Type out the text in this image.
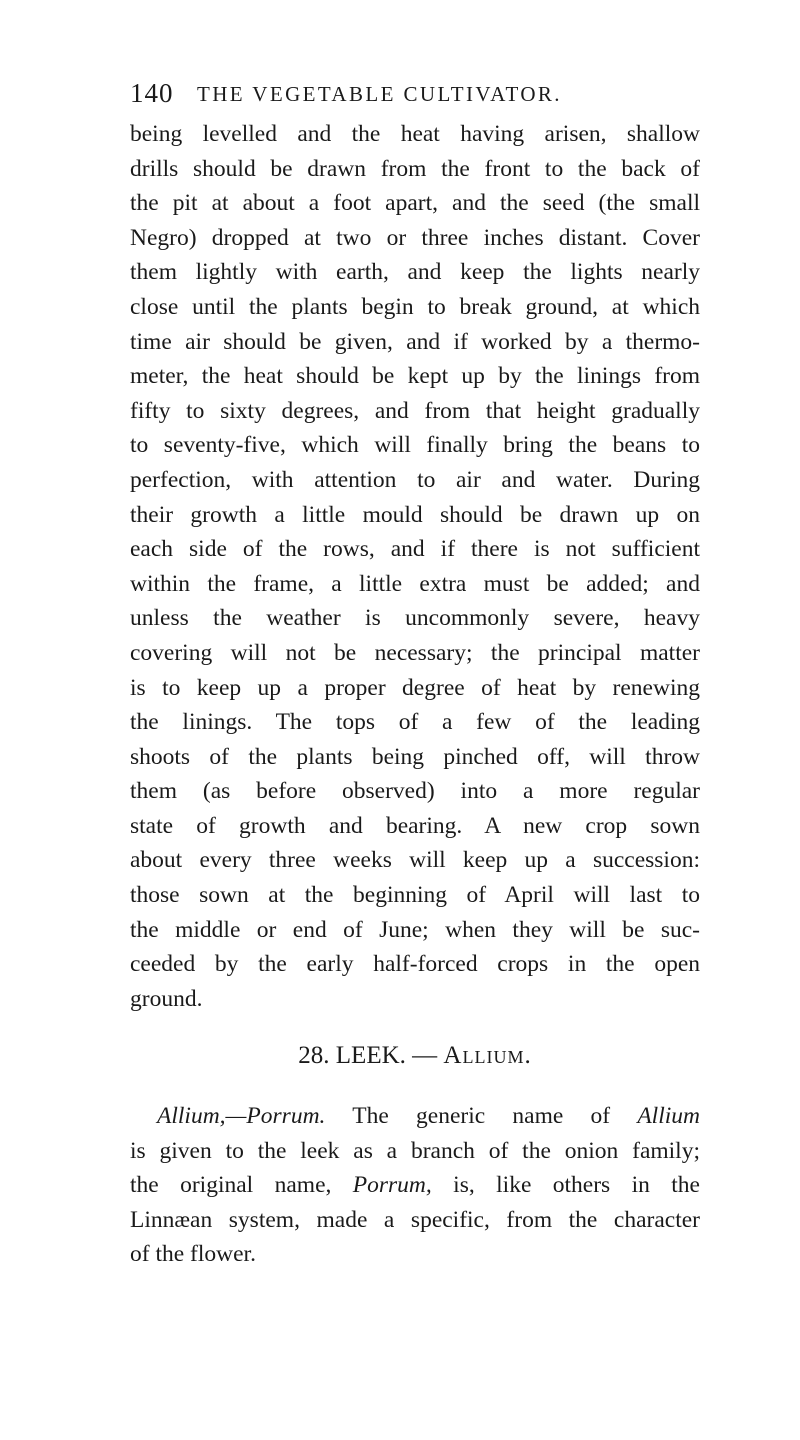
140 THE VEGETABLE CULTIVATOR.
being levelled and the heat having arisen, shallow
drills should be drawn from the front to the back of
the pit at about a foot apart, and the seed (the small
Negro) dropped at two or three inches distant. Cover
them lightly with earth, and keep the lights nearly
close until the plants begin to break ground, at which
time air should be given, and if worked by a thermo-
meter, the heat should be kept up by the linings from
fifty to sixty degrees, and from that height gradually
to seventy-five, which will finally bring the beans to
perfection, with attention to air and water. During
their growth a little mould should be drawn up on
each side of the rows, and if there is not sufficient
within the frame, a little extra must be added; and
unless the weather is uncommonly severe, heavy
covering will not be necessary; the principal matter
is to keep up a proper degree of heat by renewing
the linings. The tops of a few of the leading
shoots of the plants being pinched off, will throw
them (as before observed) into a more regular
state of growth and bearing. A new crop sown
about every three weeks will keep up a succession:
those sown at the beginning of April will last to
the middle or end of June; when they will be suc-
ceeded by the early half-forced crops in the open
ground.
28. LEEK. — Allium.
Allium,—Porrum. The generic name of Allium
is given to the leek as a branch of the onion family;
the original name, Porrum, is, like others in the
Linnæan system, made a specific, from the character
of the flower.
